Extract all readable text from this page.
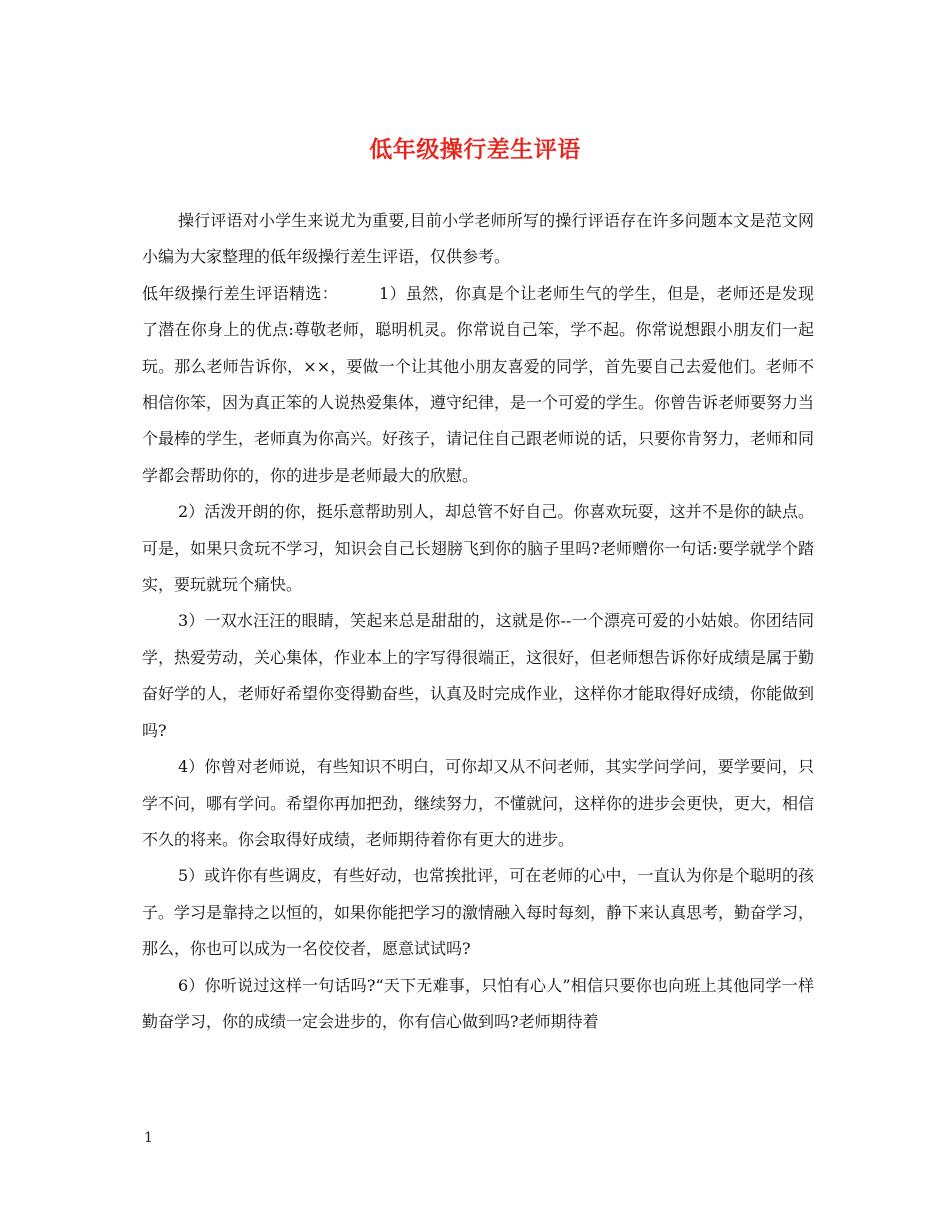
低年级操行差生评语

操行评语对小学生来说尤为重要,目前小学老师所写的操行评语存在许多问题本文是范文网小编为大家整理的低年级操行差生评语，仅供参考。

低年级操行差生评语精选：　　　1）虽然，你真是个让老师生气的学生，但是，老师还是发现了潜在你身上的优点:尊敬老师，聪明机灵。你常说自己笨，学不起。你常说想跟小朋友们一起玩。那么老师告诉你，××，要做一个让其他小朋友喜爱的同学，首先要自己去爱他们。老师不相信你笨，因为真正笨的人说热爱集体，遵守纪律，是一个可爱的学生。你曾告诉老师要努力当个最棒的学生，老师真为你高兴。好孩子，请记住自己跟老师说的话，只要你肯努力，老师和同学都会帮助你的，你的进步是老师最大的欣慰。

2）活泼开朗的你，挺乐意帮助别人，却总管不好自己。你喜欢玩耍，这并不是你的缺点。可是，如果只贪玩不学习，知识会自己长翅膀飞到你的脑子里吗?老师赠你一句话:要学就学个踏实，要玩就玩个痛快。

3）一双水汪汪的眼睛，笑起来总是甜甜的，这就是你--一个漂亮可爱的小姑娘。你团结同学，热爱劳动，关心集体，作业本上的字写得很端正，这很好，但老师想告诉你好成绩是属于勤奋好学的人，老师好希望你变得勤奋些，认真及时完成作业，这样你才能取得好成绩，你能做到吗?

4）你曾对老师说，有些知识不明白，可你却又从不问老师，其实学问学问，要学要问，只学不问，哪有学问。希望你再加把劲，继续努力，不懂就问，这样你的进步会更快，更大，相信不久的将来。你会取得好成绩，老师期待着你有更大的进步。

5）或许你有些调皮，有些好动，也常挨批评，可在老师的心中，一直认为你是个聪明的孩子。学习是靠持之以恒的，如果你能把学习的激情融入每时每刻，静下来认真思考，勤奋学习，那么，你也可以成为一名佼佼者，愿意试试吗?

6）你听说过这样一句话吗?“天下无难事，只怕有心人”相信只要你也向班上其他同学一样勤奋学习，你的成绩一定会进步的，你有信心做到吗?老师期待着

1
